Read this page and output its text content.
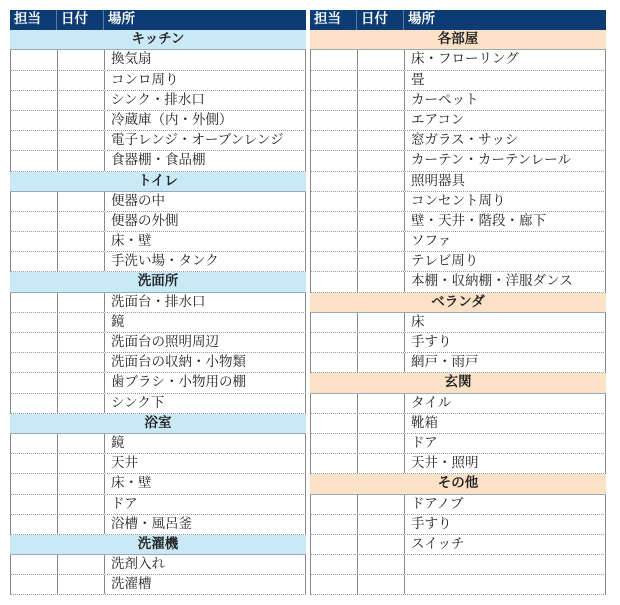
担当	日付	場所
キッチン
換気扇
コンロ周り
シンク・排水口
冷蔵庫（内・外側）
電子レンジ・オーブンレンジ
食器棚・食品棚
トイレ
便器の中
便器の外側
床・壁
手洗い場・タンク
洗面所
洗面台・排水口
鏡
洗面台の照明周辺
洗面台の収納・小物類
歯ブラシ・小物用の棚
シンク下
浴室
鏡
天井
床・壁
ドア
浴槽・風呂釜
洗濯機
洗剤入れ
洗濯槽
担当	日付	場所
各部屋
床・フローリング
畳
カーペット
エアコン
窓ガラス・サッシ
カーテン・カーテンレール
照明器具
コンセント周り
壁・天井・階段・廊下
ソファ
テレビ周り
本棚・収納棚・洋服ダンス
ベランダ
床
手すり
網戸・雨戸
玄関
タイル
靴箱
ドア
天井・照明
その他
ドアノブ
手すり
スイッチ
